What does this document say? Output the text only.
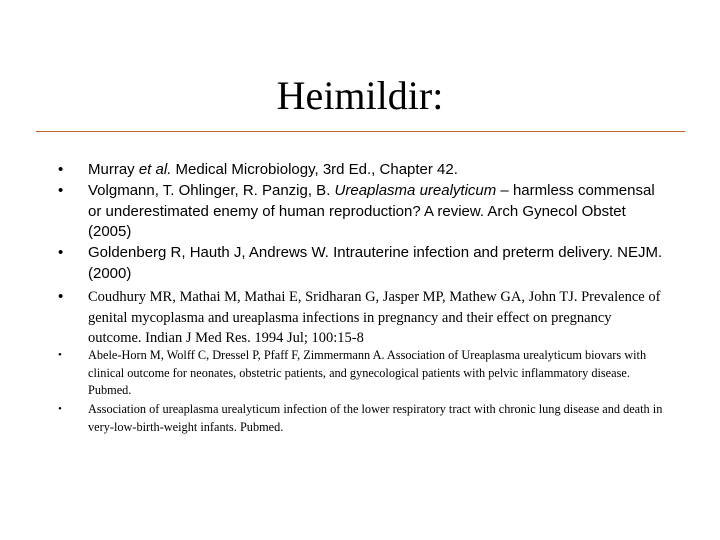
Heimildir:
• Murray et al. Medical Microbiology, 3rd Ed., Chapter 42.
• Volgmann, T. Ohlinger, R. Panzig, B. Ureaplasma urealyticum – harmless commensal or underestimated enemy of human reproduction? A review. Arch Gynecol Obstet (2005)
• Goldenberg R, Hauth J, Andrews W. Intrauterine infection and preterm delivery. NEJM. (2000)
• Coudhury MR, Mathai M, Mathai E, Sridharan G, Jasper MP, Mathew GA, John TJ. Prevalence of genital mycoplasma and ureaplasma infections in pregnancy and their effect on pregnancy outcome. Indian J Med Res. 1994 Jul; 100:15-8
• Abele-Horn M, Wolff C, Dressel P, Pfaff F, Zimmermann A. Association of Ureaplasma urealyticum biovars with clinical outcome for neonates, obstetric patients, and gynecological patients with pelvic inflammatory disease. Pubmed.
• Association of ureaplasma urealyticum infection of the lower respiratory tract with chronic lung disease and death in very-low-birth-weight infants. Pubmed.
